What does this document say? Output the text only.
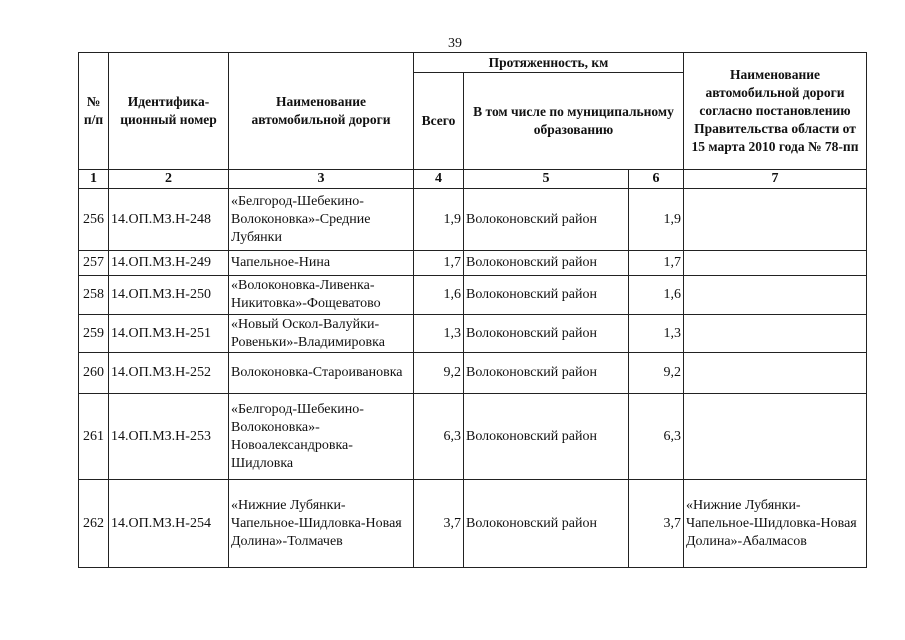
39
№ п/п	Идентифика-ционный номер	Наименование автомобильной дороги	Протяженность, км			Наименование автомобильной дороги согласно постановлению Правительства области от 15 марта 2010 года № 78-пп
			Всего	В том числе по муниципальному образованию		
1	2	3	4	5	6	7
256	14.ОП.МЗ.Н-248	«Белгород-Шебекино-Волоконовка»-Средние Лубянки	1,9	Волоконовский район	1,9	
257	14.ОП.МЗ.Н-249	Чапельное-Нина	1,7	Волоконовский район	1,7	
258	14.ОП.МЗ.Н-250	«Волоконовка-Ливенка-Никитовка»-Фощеватово	1,6	Волоконовский район	1,6	
259	14.ОП.МЗ.Н-251	«Новый Оскол-Валуйки-Ровеньки»-Владимировка	1,3	Волоконовский район	1,3	
260	14.ОП.МЗ.Н-252	Волоконовка-Староивановка	9,2	Волоконовский район	9,2	
261	14.ОП.МЗ.Н-253	«Белгород-Шебекино-Волоконовка»-Новоалександровка-Шидловка	6,3	Волоконовский район	6,3	
262	14.ОП.МЗ.Н-254	«Нижние Лубянки-Чапельное-Шидловка-Новая Долина»-Толмачев	3,7	Волоконовский район	3,7	«Нижние Лубянки-Чапельное-Шидловка-Новая Долина»-Абалмасов
